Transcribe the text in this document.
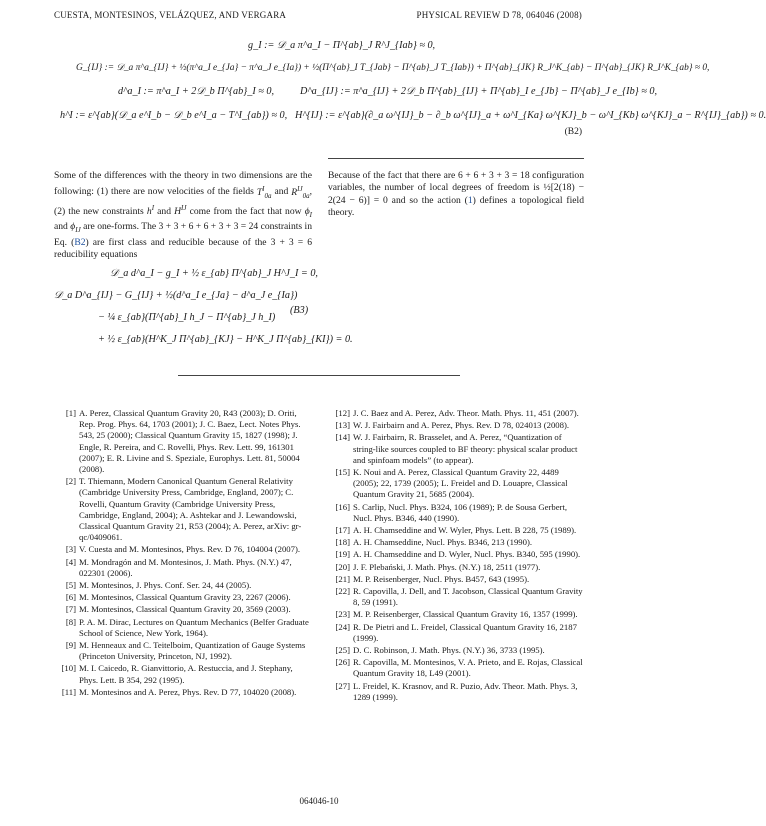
CUESTA, MONTESINOS, VELÁZQUEZ, AND VERGARA	PHYSICAL REVIEW D 78, 064046 (2008)
g_I := 𝒟_a π^a_I − Π^{ab}_J R^J_{Iab} ≈ 0,
G_{IJ} := 𝒟_a π^a_{IJ} + ½(π^a_I e_{Ja} − π^a_J e_{Ia}) + ½(Π^{ab}_I T_{Jab} − Π^{ab}_J T_{Iab}) + Π^{ab}_{JK} R_J^K_{ab} − Π^{ab}_{JK} R_I^K_{ab} ≈ 0,
d^a_I := π^a_I + 2𝒟_b Π^{ab}_I ≈ 0,	D^a_{IJ} := π^a_{IJ} + 2𝒟_b Π^{ab}_{IJ} + Π^{ab}_I e_{Jb} − Π^{ab}_J e_{Ib} ≈ 0,
h^I := ε^{ab}(𝒟_a e^I_b − 𝒟_b e^I_a − T^I_{ab}) ≈ 0, H^{IJ} := ε^{ab}(∂_a ω^{IJ}_b − ∂_b ω^{IJ}_a + ω^I_{Ka} ω^{KJ}_b − ω^I_{Kb} ω^{KJ}_a − R^{IJ}_{ab}) ≈ 0.
(B2)
Some of the differences with the theory in two dimensions are the following: (1) there are now velocities of the fields $T^I_{0a}$ and $R^{IJ}_{0a}$, (2) the new constraints $h^I$ and $H^{IJ}$ come from the fact that now $\phi_I$ and $\phi_{IJ}$ are one-forms. The 3 + 3 + 6 + 6 + 3 + 3 = 24 constraints in Eq. (B2) are first class and reducible because of the 3 + 3 = 6 reducibility equations
𝒟_a d^a_I − g_I + ½ ε_{ab} Π^{ab}_J H^J_I = 0,
𝒟_a D^a_{IJ} − G_{IJ} + ½(d^a_I e_{Ja} − d^a_J e_{Ia})
− ¼ ε_{ab}(Π^{ab}_I h_J − Π^{ab}_J h_I)
+ ½ ε_{ab}(H^K_J Π^{ab}_{KJ} − H^K_J Π^{ab}_{KI}) = 0.
(B3)
Because of the fact that there are 6 + 6 + 3 + 3 = 18 configuration variables, the number of local degrees of freedom is ½[2(18) − 2(24 − 6)] = 0 and so the action (1) defines a topological field theory.
[1] A. Perez, Classical Quantum Gravity 20, R43 (2003); D. Oriti, Rep. Prog. Phys. 64, 1703 (2001); J. C. Baez, Lect. Notes Phys. 543, 25 (2000); Classical Quantum Gravity 15, 1827 (1998); J. Engle, R. Pereira, and C. Rovelli, Phys. Rev. Lett. 99, 161301 (2007); E. R. Livine and S. Speziale, Europhys. Lett. 81, 50004 (2008).
[2] T. Thiemann, Modern Canonical Quantum General Relativity (Cambridge University Press, Cambridge, England, 2007); C. Rovelli, Quantum Gravity (Cambridge University Press, Cambridge, England, 2004); A. Ashtekar and J. Lewandowski, Classical Quantum Gravity 21, R53 (2004); A. Perez, arXiv: gr-qc/0409061.
[3] V. Cuesta and M. Montesinos, Phys. Rev. D 76, 104004 (2007).
[4] M. Mondragón and M. Montesinos, J. Math. Phys. (N.Y.) 47, 022301 (2006).
[5] M. Montesinos, J. Phys. Conf. Ser. 24, 44 (2005).
[6] M. Montesinos, Classical Quantum Gravity 23, 2267 (2006).
[7] M. Montesinos, Classical Quantum Gravity 20, 3569 (2003).
[8] P. A. M. Dirac, Lectures on Quantum Mechanics (Belfer Graduate School of Science, New York, 1964).
[9] M. Henneaux and C. Teitelboim, Quantization of Gauge Systems (Princeton University, Princeton, NJ, 1992).
[10] M. I. Caicedo, R. Gianvittorio, A. Restuccia, and J. Stephany, Phys. Lett. B 354, 292 (1995).
[11] M. Montesinos and A. Perez, Phys. Rev. D 77, 104020 (2008).
[12] J. C. Baez and A. Perez, Adv. Theor. Math. Phys. 11, 451 (2007).
[13] W. J. Fairbairn and A. Perez, Phys. Rev. D 78, 024013 (2008).
[14] W. J. Fairbairn, R. Brasselet, and A. Perez, “Quantization of string-like sources coupled to BF theory: physical scalar product and spinfoam models” (to appear).
[15] K. Noui and A. Perez, Classical Quantum Gravity 22, 4489 (2005); 22, 1739 (2005); L. Freidel and D. Louapre, Classical Quantum Gravity 21, 5685 (2004).
[16] S. Carlip, Nucl. Phys. B324, 106 (1989); P. de Sousa Gerbert, Nucl. Phys. B346, 440 (1990).
[17] A. H. Chamseddine and W. Wyler, Phys. Lett. B 228, 75 (1989).
[18] A. H. Chamseddine, Nucl. Phys. B346, 213 (1990).
[19] A. H. Chamseddine and D. Wyler, Nucl. Phys. B340, 595 (1990).
[20] J. F. Plebański, J. Math. Phys. (N.Y.) 18, 2511 (1977).
[21] M. P. Reisenberger, Nucl. Phys. B457, 643 (1995).
[22] R. Capovilla, J. Dell, and T. Jacobson, Classical Quantum Gravity 8, 59 (1991).
[23] M. P. Reisenberger, Classical Quantum Gravity 16, 1357 (1999).
[24] R. De Pietri and L. Freidel, Classical Quantum Gravity 16, 2187 (1999).
[25] D. C. Robinson, J. Math. Phys. (N.Y.) 36, 3733 (1995).
[26] R. Capovilla, M. Montesinos, V. A. Prieto, and E. Rojas, Classical Quantum Gravity 18, L49 (2001).
[27] L. Freidel, K. Krasnov, and R. Puzio, Adv. Theor. Math. Phys. 3, 1289 (1999).
064046-10
